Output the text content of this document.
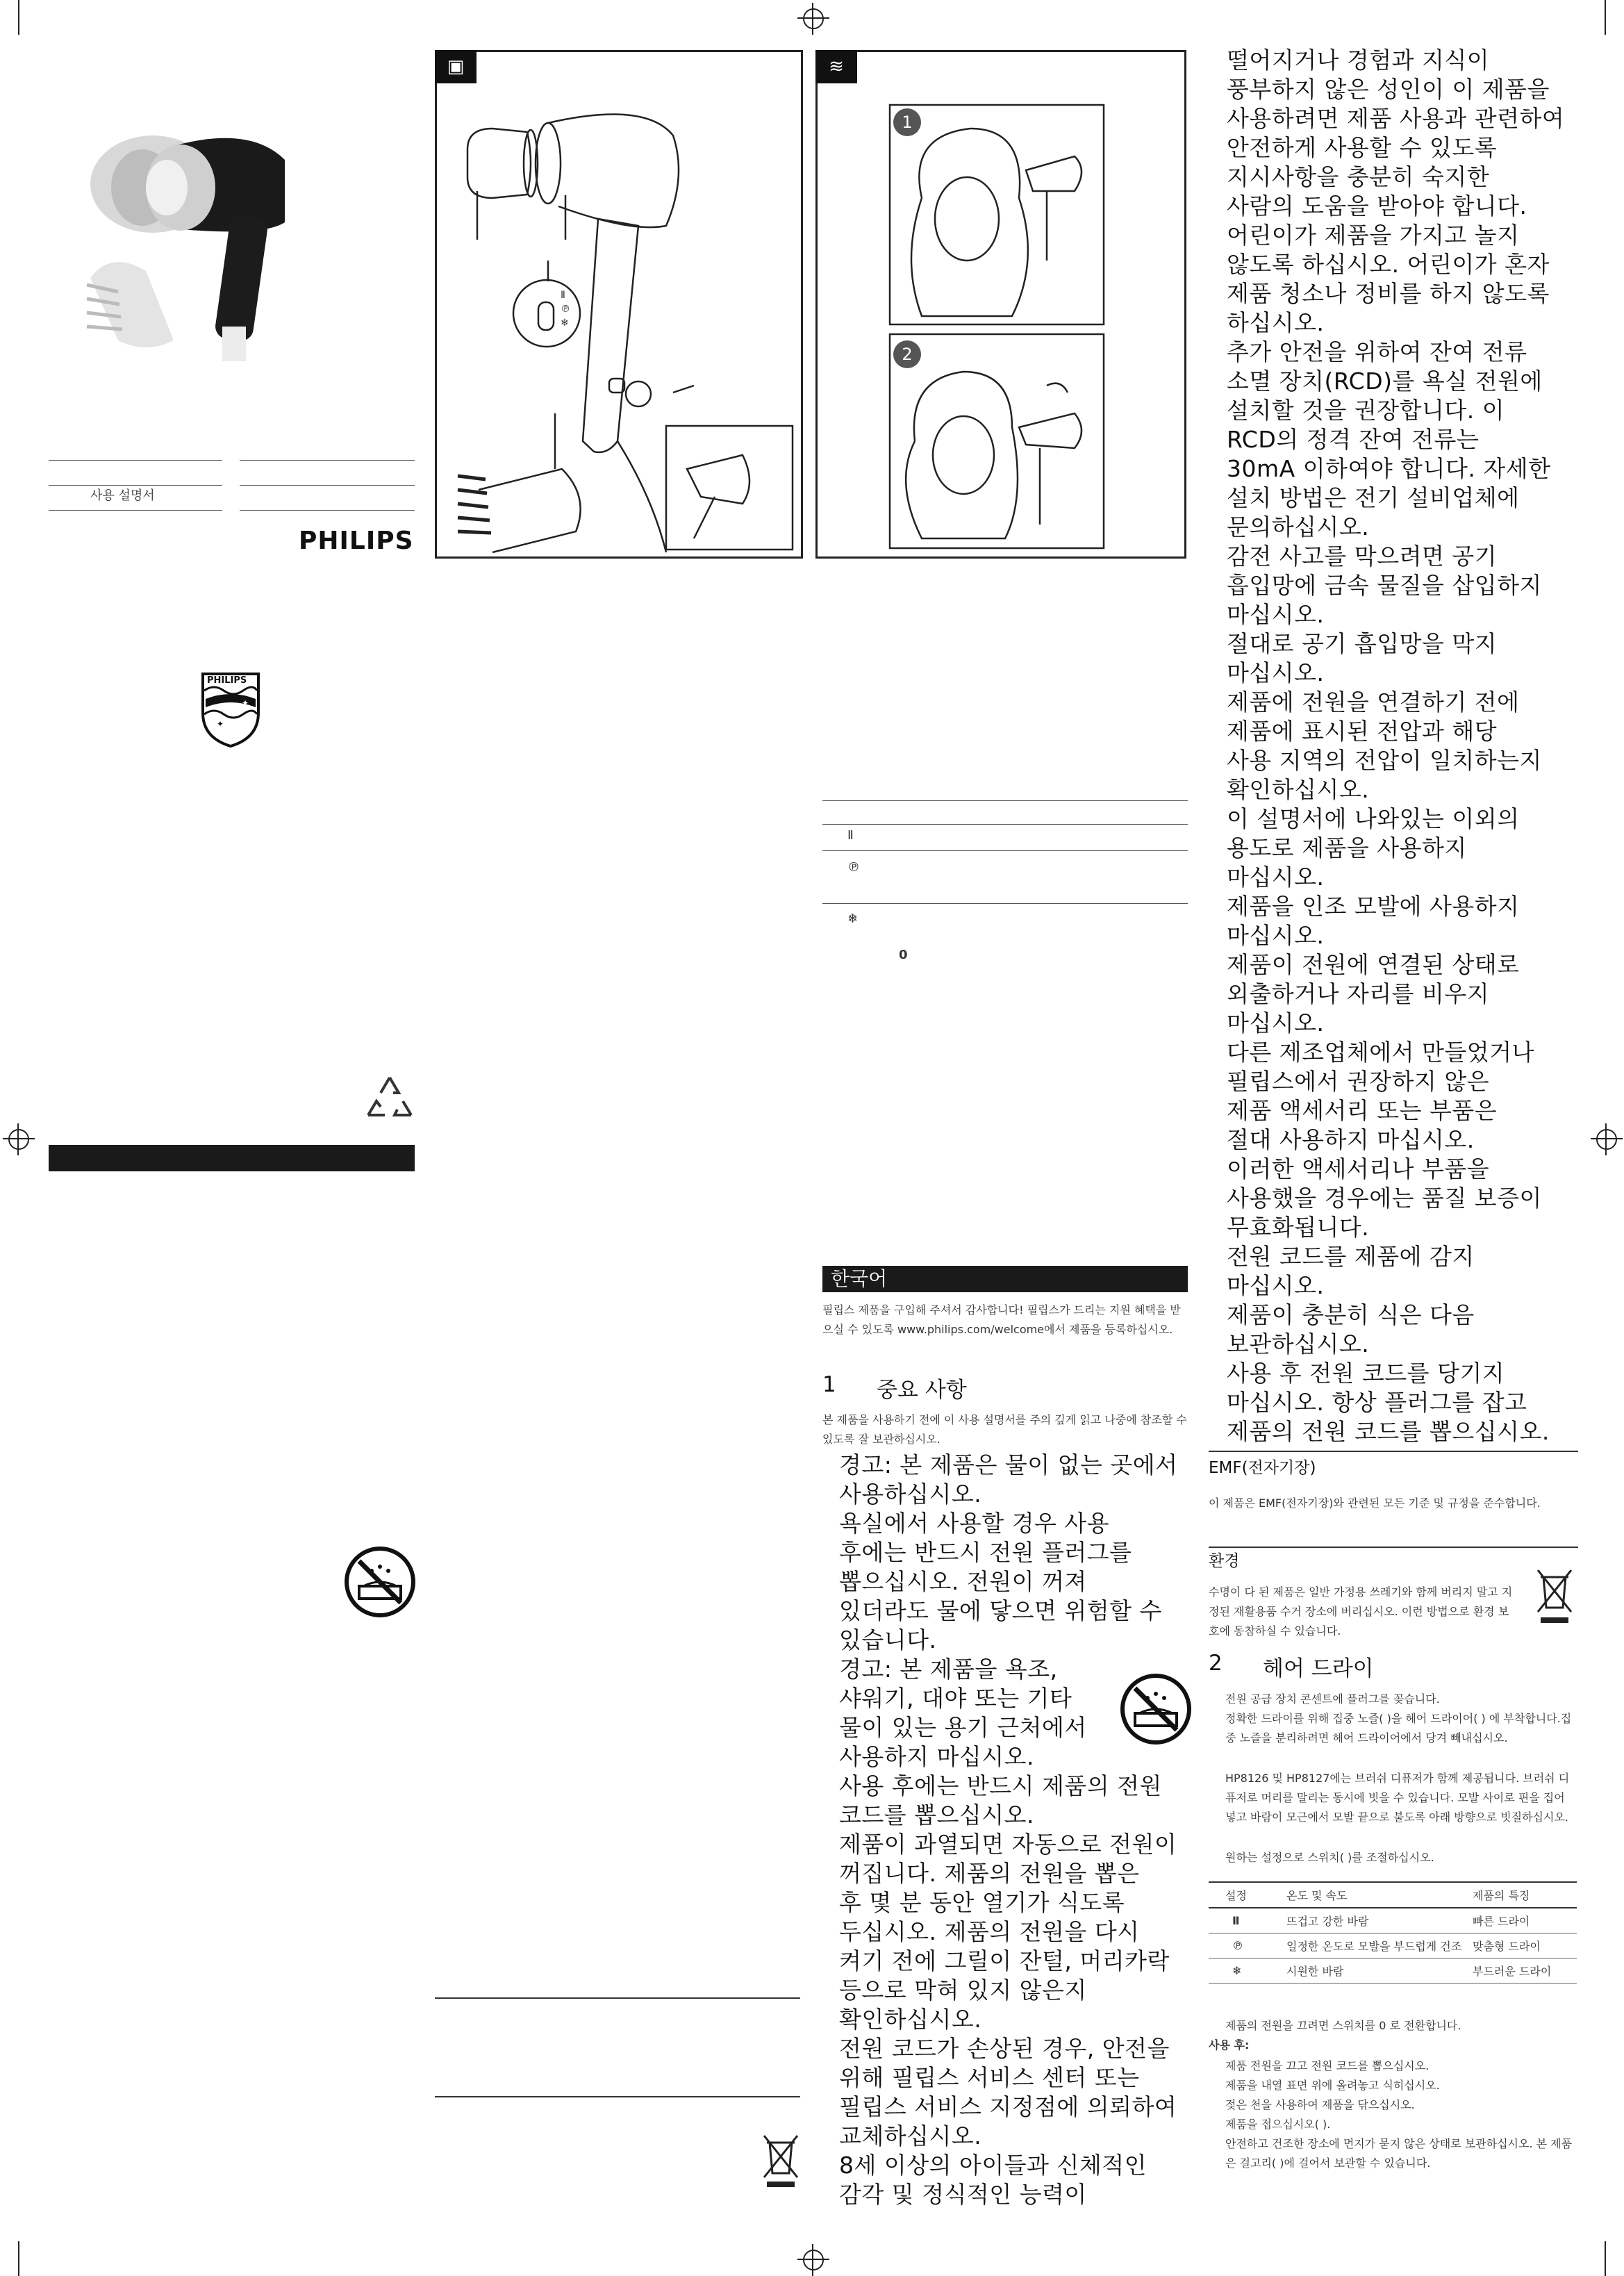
사용 설명서
PHILIPS
✦
✦
PHILIPS
Ⅱ
℗
❄
▣	≋
1
2
Ⅱ
℗
❄
0
한국어
필립스 제품을 구입해 주셔서 감사합니다! 필립스가 드리는 지원 혜택을 받으실 수 있도록 www.philips.com/welcome에서 제품을 등록하십시오.
1 중요 사항
본 제품을 사용하기 전에 이 사용 설명서를 주의 깊게 읽고 나중에 참조할 수 있도록 잘 보관하십시오.
경고: 본 제품은 물이 없는 곳에서
사용하십시오.
욕실에서 사용할 경우 사용
후에는 반드시 전원 플러그를
뽑으십시오. 전원이 꺼져
있더라도 물에 닿으면 위험할 수
있습니다.
경고: 본 제품을 욕조,
샤워기, 대야 또는 기타
물이 있는 용기 근처에서
사용하지 마십시오.
사용 후에는 반드시 제품의 전원
코드를 뽑으십시오.
제품이 과열되면 자동으로 전원이
꺼집니다. 제품의 전원을 뽑은
후 몇 분 동안 열기가 식도록
두십시오. 제품의 전원을 다시
켜기 전에 그릴이 잔털, 머리카락
등으로 막혀 있지 않은지
확인하십시오.
전원 코드가 손상된 경우, 안전을
위해 필립스 서비스 센터 또는
필립스 서비스 지정점에 의뢰하여
교체하십시오.
8세 이상의 아이들과 신체적인
감각 및 정식적인 능력이
떨어지거나 경험과 지식이
풍부하지 않은 성인이 이 제품을
사용하려면 제품 사용과 관련하여
안전하게 사용할 수 있도록
지시사항을 충분히 숙지한
사람의 도움을 받아야 합니다.
어린이가 제품을 가지고 놀지
않도록 하십시오. 어린이가 혼자
제품 청소나 정비를 하지 않도록
하십시오.
추가 안전을 위하여 잔여 전류
소멸 장치(RCD)를 욕실 전원에
설치할 것을 권장합니다. 이
RCD의 정격 잔여 전류는
30mA 이하여야 합니다. 자세한
설치 방법은 전기 설비업체에
문의하십시오.
감전 사고를 막으려면 공기
흡입망에 금속 물질을 삽입하지
마십시오.
절대로 공기 흡입망을 막지
마십시오.
제품에 전원을 연결하기 전에
제품에 표시된 전압과 해당
사용 지역의 전압이 일치하는지
확인하십시오.
이 설명서에 나와있는 이외의
용도로 제품을 사용하지
마십시오.
제품을 인조 모발에 사용하지
마십시오.
제품이 전원에 연결된 상태로
외출하거나 자리를 비우지
마십시오.
다른 제조업체에서 만들었거나
필립스에서 권장하지 않은
제품 액세서리 또는 부품은
절대 사용하지 마십시오.
이러한 액세서리나 부품을
사용했을 경우에는 품질 보증이
무효화됩니다.
전원 코드를 제품에 감지
마십시오.
제품이 충분히 식은 다음
보관하십시오.
사용 후 전원 코드를 당기지
마십시오. 항상 플러그를 잡고
제품의 전원 코드를 뽑으십시오.
EMF(전자기장)
이 제품은 EMF(전자기장)와 관련된 모든 기준 및 규정을 준수합니다.
환경
수명이 다 된 제품은 일반 가정용 쓰레기와 함께 버리지 말고 지정된 재활용품 수거 장소에 버리십시오. 이런 방법으로 환경 보호에 동참하실 수 있습니다.
2 헤어 드라이
전원 공급 장치 콘센트에 플러그를 꽂습니다.
정확한 드라이를 위해 집중 노즐( )을 헤어 드라이어( ) 에 부착합니다.집중 노즐을 분리하려면 헤어 드라이어에서 당겨 빼내십시오.
HP8126 및 HP8127에는 브러쉬 디퓨저가 함께 제공됩니다. 브러쉬 디퓨저로 머리를 말리는 동시에 빗을 수 있습니다. 모발 사이로 핀을 집어넣고 바람이 모근에서 모발 끝으로 불도록 아래 방향으로 빗질하십시오.
원하는 설정으로 스위치( )를 조절하십시오.
설정	온도 및 속도	제품의 특징
Ⅱ	뜨겁고 강한 바람	빠른 드라이
℗	일정한 온도로 모발을 부드럽게 건조	맞춤형 드라이
❄	시원한 바람	부드러운 드라이
제품의 전원을 끄려면 스위치를 0 로 전환합니다.
사용 후:
제품 전원을 끄고 전원 코드를 뽑으십시오.
제품을 내열 표면 위에 올려놓고 식히십시오.
젖은 천을 사용하여 제품을 닦으십시오.
제품을 접으십시오( ).
안전하고 건조한 장소에 먼지가 묻지 않은 상태로 보관하십시오. 본 제품은 걸고리( )에 걸어서 보관할 수 있습니다.
